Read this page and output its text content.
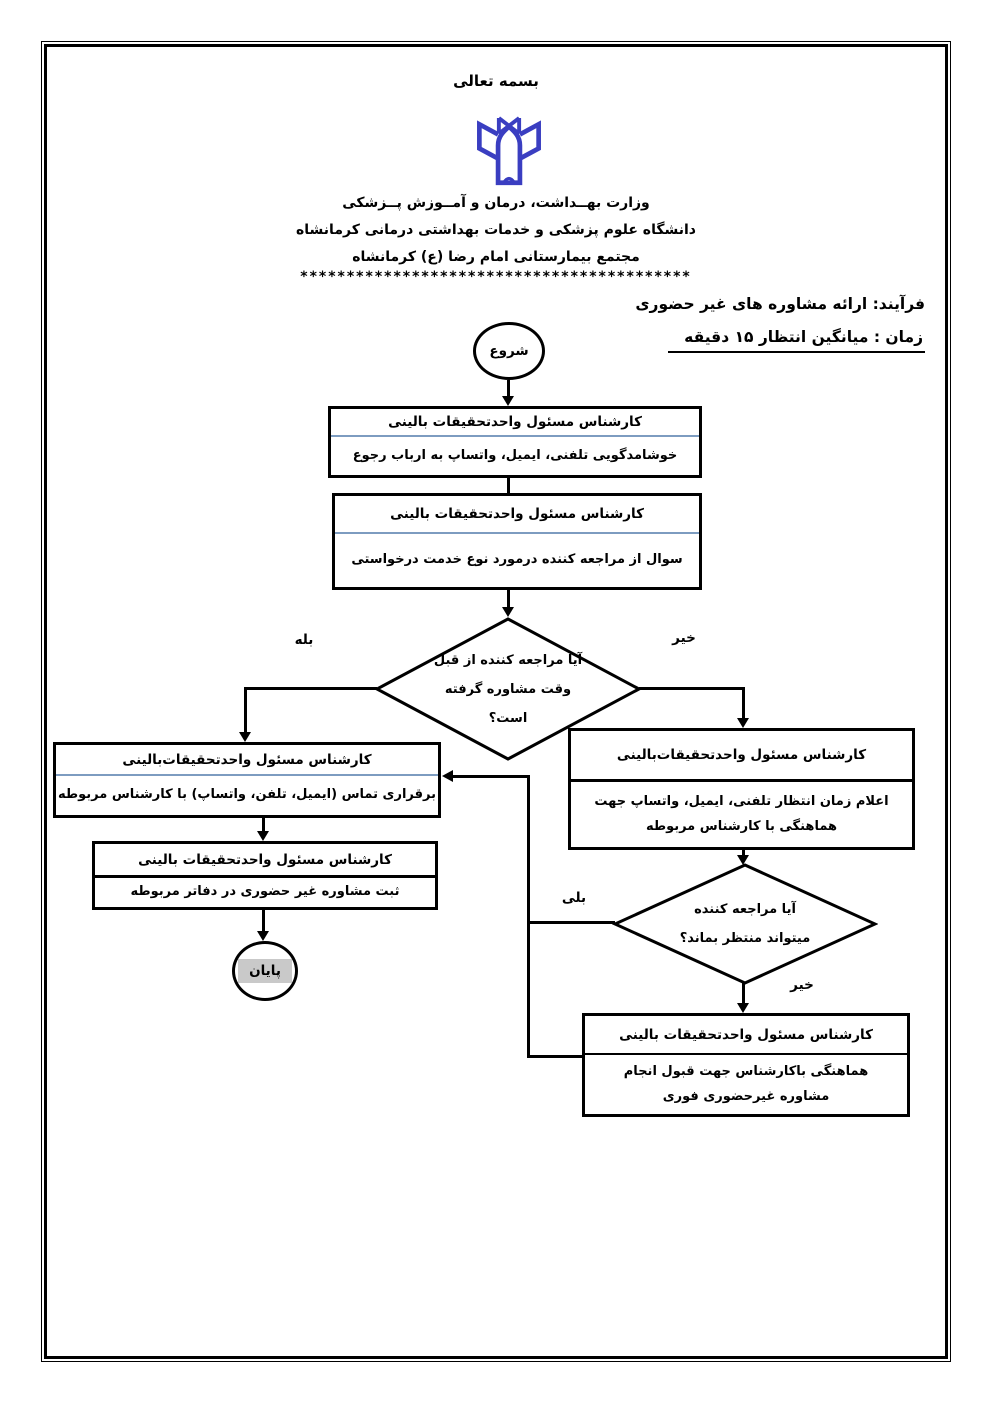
بسمه تعالی
وزارت بهــداشت، درمان و آمــوزش پــزشکی
دانشگاه علوم پزشکی و خدمات بهداشتی درمانی کرمانشاه
مجتمع بیمارستانی امام رضا (ع) کرمانشاه
******************************************
فرآیند: ارائه مشاوره های غیر حضوری
زمان : میانگین انتظار ۱۵ دقیقه
شروع
کارشناس مسئول واحدتحقیقات بالینی
خوشامدگویی تلفنی، ایمیل، واتساپ به ارباب رجوع
کارشناس مسئول واحدتحقیقات بالینی
سوال از مراجعه کننده درمورد نوع خدمت درخواستی
آیا مراجعه کننده از قبل
وقت مشاوره گرفته
است؟
بله	خیر
کارشناس مسئول واحدتحقیقات‌بالینی
برقراری تماس (ایمیل، تلفن، واتساپ) با کارشناس مربوطه
کارشناس مسئول واحدتحقیقات بالینی
ثبت مشاوره غیر حضوری در دفاتر مربوطه
پایان
کارشناس مسئول واحدتحقیقات‌بالینی
اعلام زمان انتظار تلفنی، ایمیل، واتساپ جهت هماهنگی با کارشناس مربوطه
آیا مراجعه کننده
میتواند منتظر بماند؟
بلی
خیر
کارشناس مسئول واحدتحقیقات بالینی
هماهنگی باکارشناس جهت قبول انجام مشاوره غیرحضوری فوری
